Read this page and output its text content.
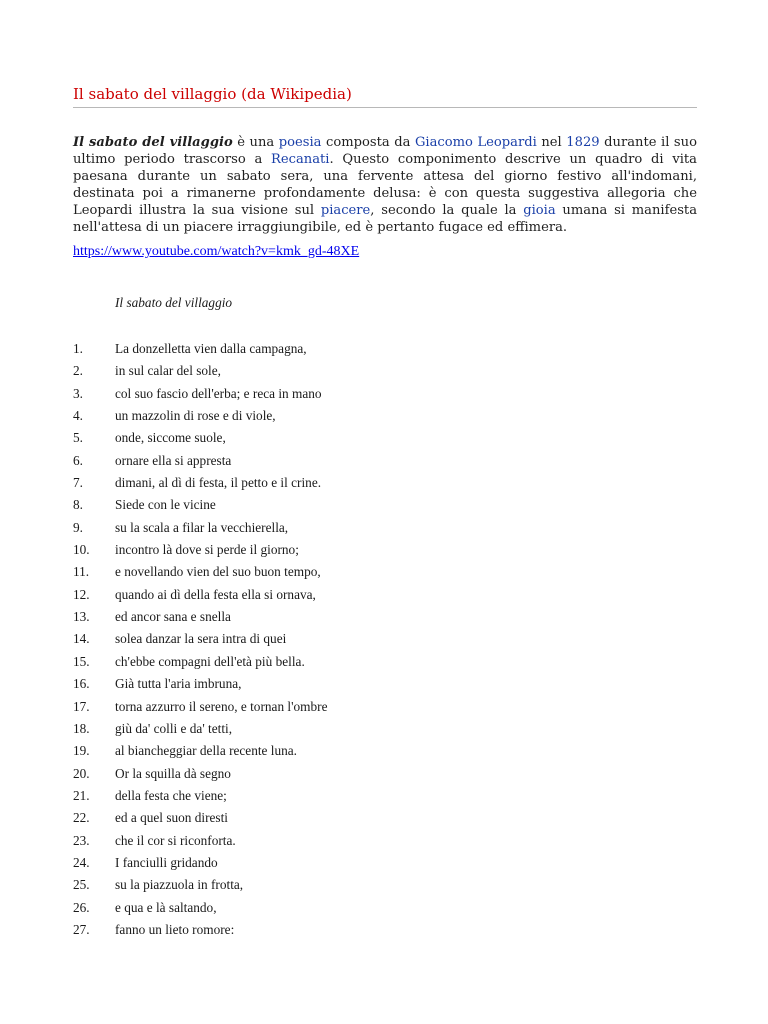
Il sabato del villaggio (da Wikipedia)

Il sabato del villaggio è una poesia composta da Giacomo Leopardi nel 1829 durante il suo ultimo periodo trascorso a Recanati. Questo componimento descrive un quadro di vita paesana durante un sabato sera, una fervente attesa del giorno festivo all'indomani, destinata poi a rimanerne profondamente delusa: è con questa suggestiva allegoria che Leopardi illustra la sua visione sul piacere, secondo la quale la gioia umana si manifesta nell'attesa di un piacere irraggiungibile, ed è pertanto fugace ed effimera.

https://www.youtube.com/watch?v=kmk_gd-48XE
Il sabato del villaggio
1.	La donzelletta vien dalla campagna,
2.	in sul calar del sole,
3.	col suo fascio dell'erba; e reca in mano
4.	un mazzolin di rose e di viole,
5.	onde, siccome suole,
6.	ornare ella si appresta
7.	dimani, al dì di festa, il petto e il crine.
8.	Siede con le vicine
9.	su la scala a filar la vecchierella,
10.	incontro là dove si perde il giorno;
11.	e novellando vien del suo buon tempo,
12.	quando ai dì della festa ella si ornava,
13.	ed ancor sana e snella
14.	solea danzar la sera intra di quei
15.	ch'ebbe compagni dell'età più bella.
16.	Già tutta l'aria imbruna,
17.	torna azzurro il sereno, e tornan l'ombre
18.	giù da' colli e da' tetti,
19.	al biancheggiar della recente luna.
20.	Or la squilla dà segno
21.	della festa che viene;
22.	ed a quel suon diresti
23.	che il cor si riconforta.
24.	I fanciulli gridando
25.	su la piazzuola in frotta,
26.	e qua e là saltando,
27.	fanno un lieto romore:
